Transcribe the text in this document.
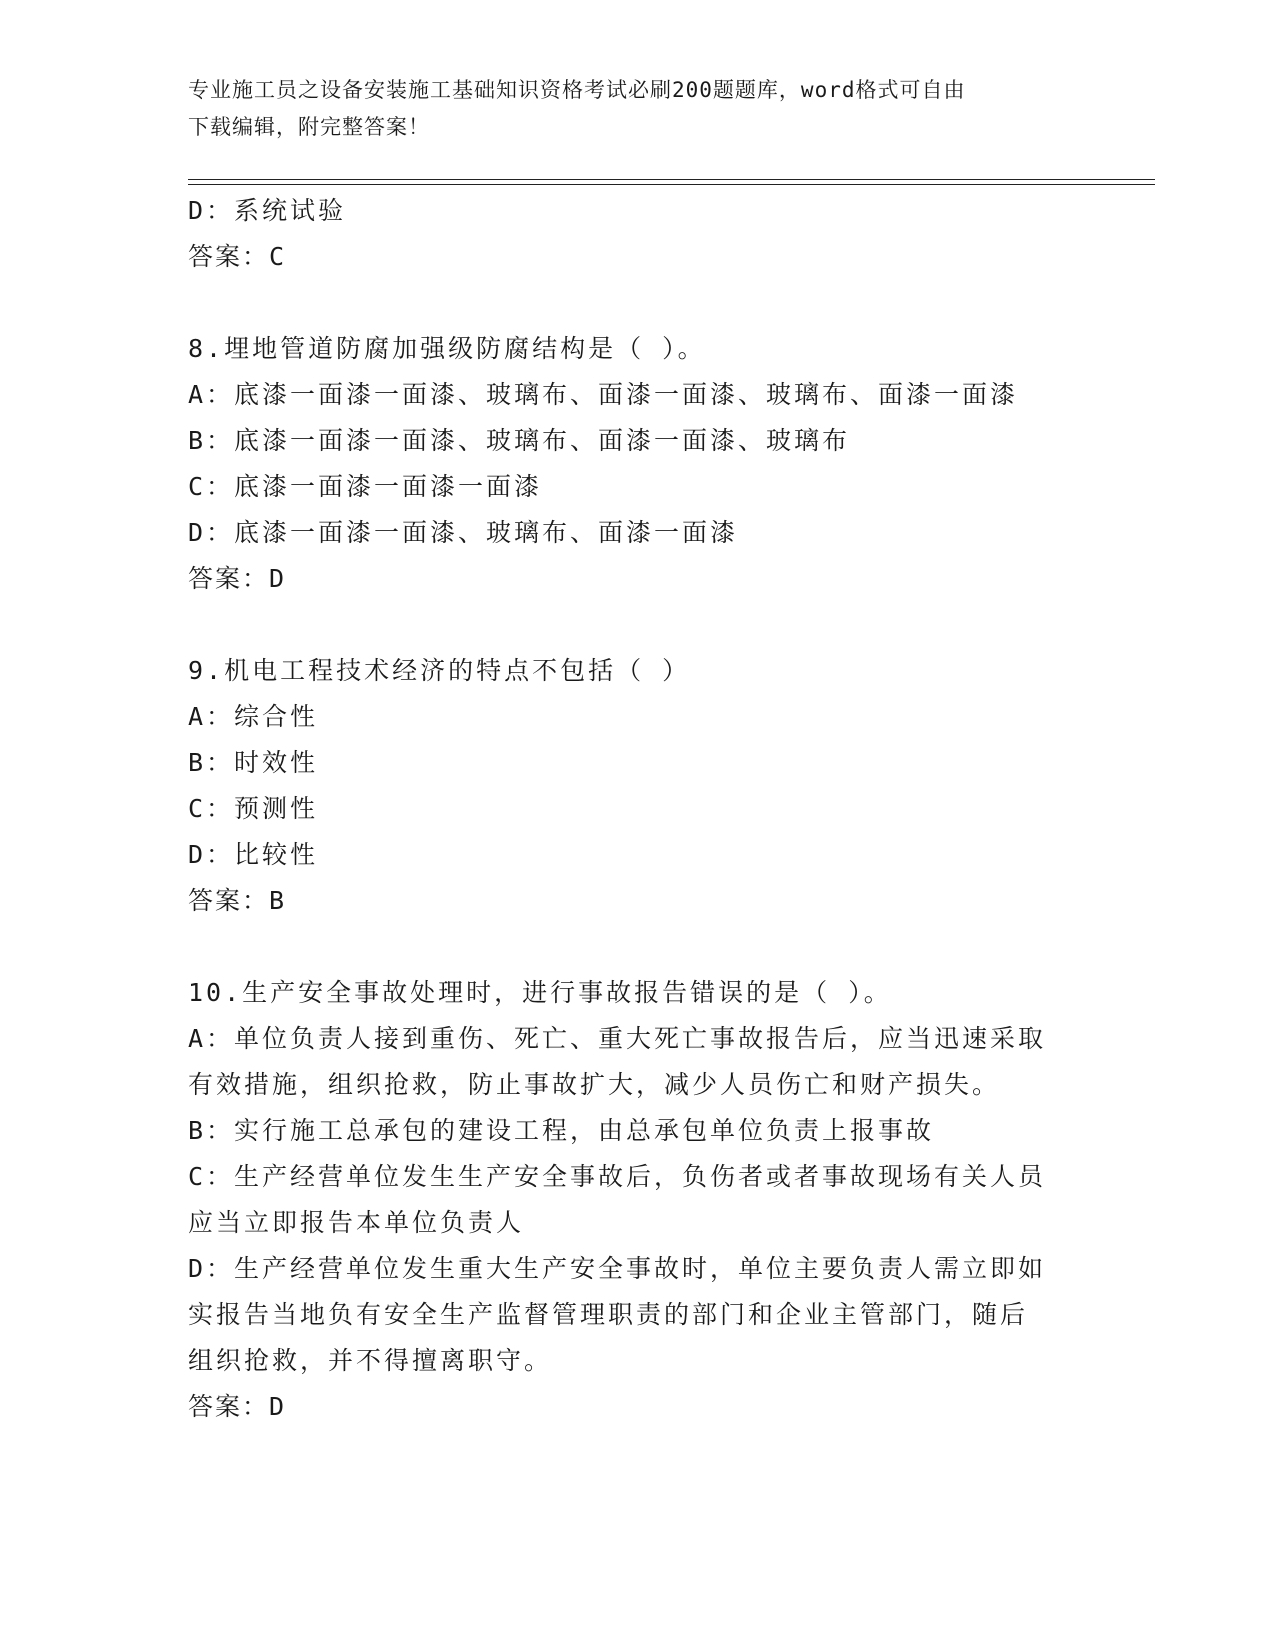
专业施工员之设备安装施工基础知识资格考试必刷200题题库，word格式可自由
下载编辑，附完整答案！
D：系统试验
答案：C
8.埋地管道防腐加强级防腐结构是（ ）。
A：底漆一面漆一面漆、玻璃布、面漆一面漆、玻璃布、面漆一面漆
B：底漆一面漆一面漆、玻璃布、面漆一面漆、玻璃布
C：底漆一面漆一面漆一面漆
D：底漆一面漆一面漆、玻璃布、面漆一面漆
答案：D
9.机电工程技术经济的特点不包括（ ）
A：综合性
B：时效性
C：预测性
D：比较性
答案：B
10.生产安全事故处理时，进行事故报告错误的是（ ）。
A：单位负责人接到重伤、死亡、重大死亡事故报告后，应当迅速采取
有效措施，组织抢救，防止事故扩大，减少人员伤亡和财产损失。
B：实行施工总承包的建设工程，由总承包单位负责上报事故
C：生产经营单位发生生产安全事故后，负伤者或者事故现场有关人员
应当立即报告本单位负责人
D：生产经营单位发生重大生产安全事故时，单位主要负责人需立即如
实报告当地负有安全生产监督管理职责的部门和企业主管部门，随后
组织抢救，并不得擅离职守。
答案：D
